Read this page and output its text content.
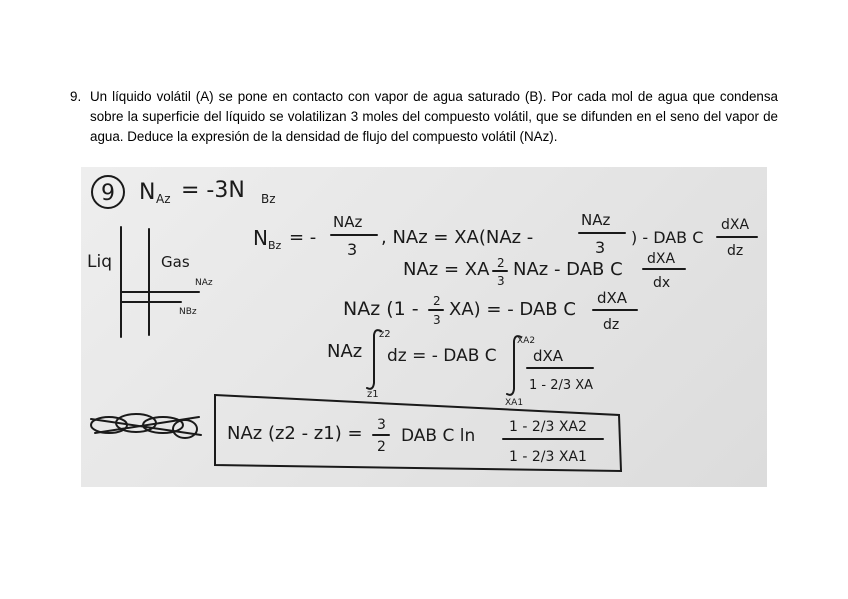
9. Un líquido volátil (A) se pone en contacto con vapor de agua saturado (B). Por cada mol de agua que condensa sobre la superficie del líquido se volatilizan 3 moles del compuesto volátil, que se difunden en el seno del vapor de agua. Deduce la expresión de la densidad de flujo del compuesto volátil (NAz).
9 N Az = -3N Bz
Liq	Gas
NAz
NBz
N Bz = -
NAz
3
, NAz = XA(NAz -
NAz
3
) - DAB C
dXA
dz
NAz = XA 2
3
NAz - DAB C dXA
dx
NAz (1 - 2
3 XA) = - DAB C
dXA
dz
NAz
z2
z1
dz = - DAB C
XA2
XA1
dXA
1 - 2/3 XA
NAz (z2 - z1) = 3
2
DAB C ln 1 - 2/3 XA2
1 - 2/3 XA1
